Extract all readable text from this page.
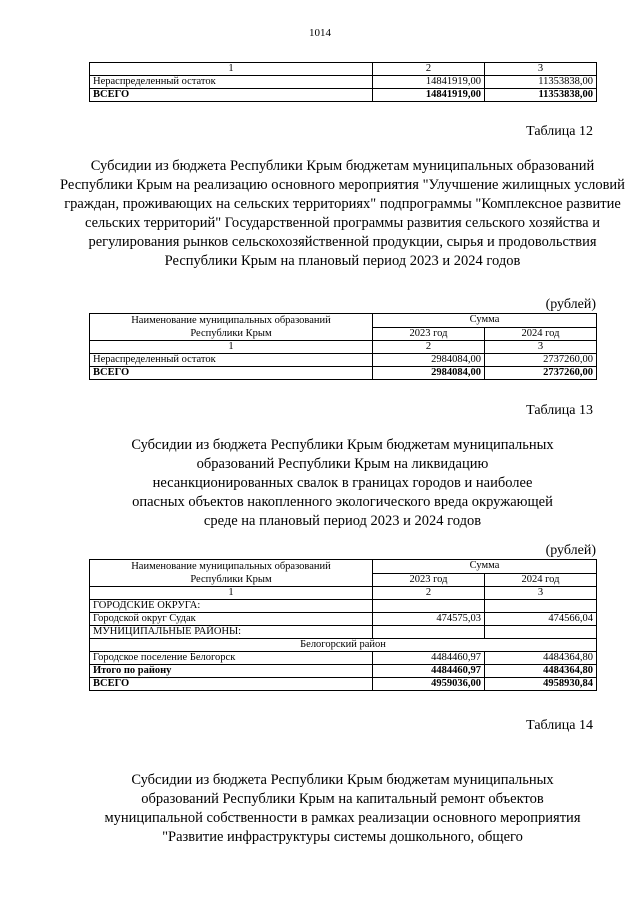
1014
1	2	3
Нераспределенный остаток	14841919,00	11353838,00
ВСЕГО	14841919,00	11353838,00
Таблица 12
Субсидии из бюджета Республики Крым бюджетам муниципальных образований Республики Крым на реализацию основного мероприятия "Улучшение жилищных условий граждан, проживающих на сельских территориях" подпрограммы "Комплексное развитие сельских территорий" Государственной программы развития сельского хозяйства и регулирования рынков сельскохозяйственной продукции, сырья и продовольствия Республики Крым на плановый период 2023 и 2024 годов
(рублей)
Наименование муниципальных образований Республики Крым	Сумма	
	2023 год	2024 год
1	2	3
Нераспределенный остаток	2984084,00	2737260,00
ВСЕГО	2984084,00	2737260,00
Таблица 13
Субсидии из бюджета Республики Крым бюджетам муниципальных образований Республики Крым на ликвидацию несанкционированных свалок в границах городов и наиболее опасных объектов накопленного экологического вреда окружающей среде на плановый период 2023 и 2024 годов
(рублей)
Наименование муниципальных образований Республики Крым	Сумма	
	2023 год	2024 год
1	2	3
ГОРОДСКИЕ ОКРУГА:		
Городской округ Судак	474575,03	474566,04
МУНИЦИПАЛЬНЫЕ РАЙОНЫ:		
Белогорский район		
Городское поселение Белогорск	4484460,97	4484364,80
Итого по району	4484460,97	4484364,80
ВСЕГО	4959036,00	4958930,84
Таблица 14
Субсидии из бюджета Республики Крым бюджетам муниципальных образований Республики Крым на капитальный ремонт объектов муниципальной собственности в рамках реализации основного мероприятия "Развитие инфраструктуры системы дошкольного, общего
